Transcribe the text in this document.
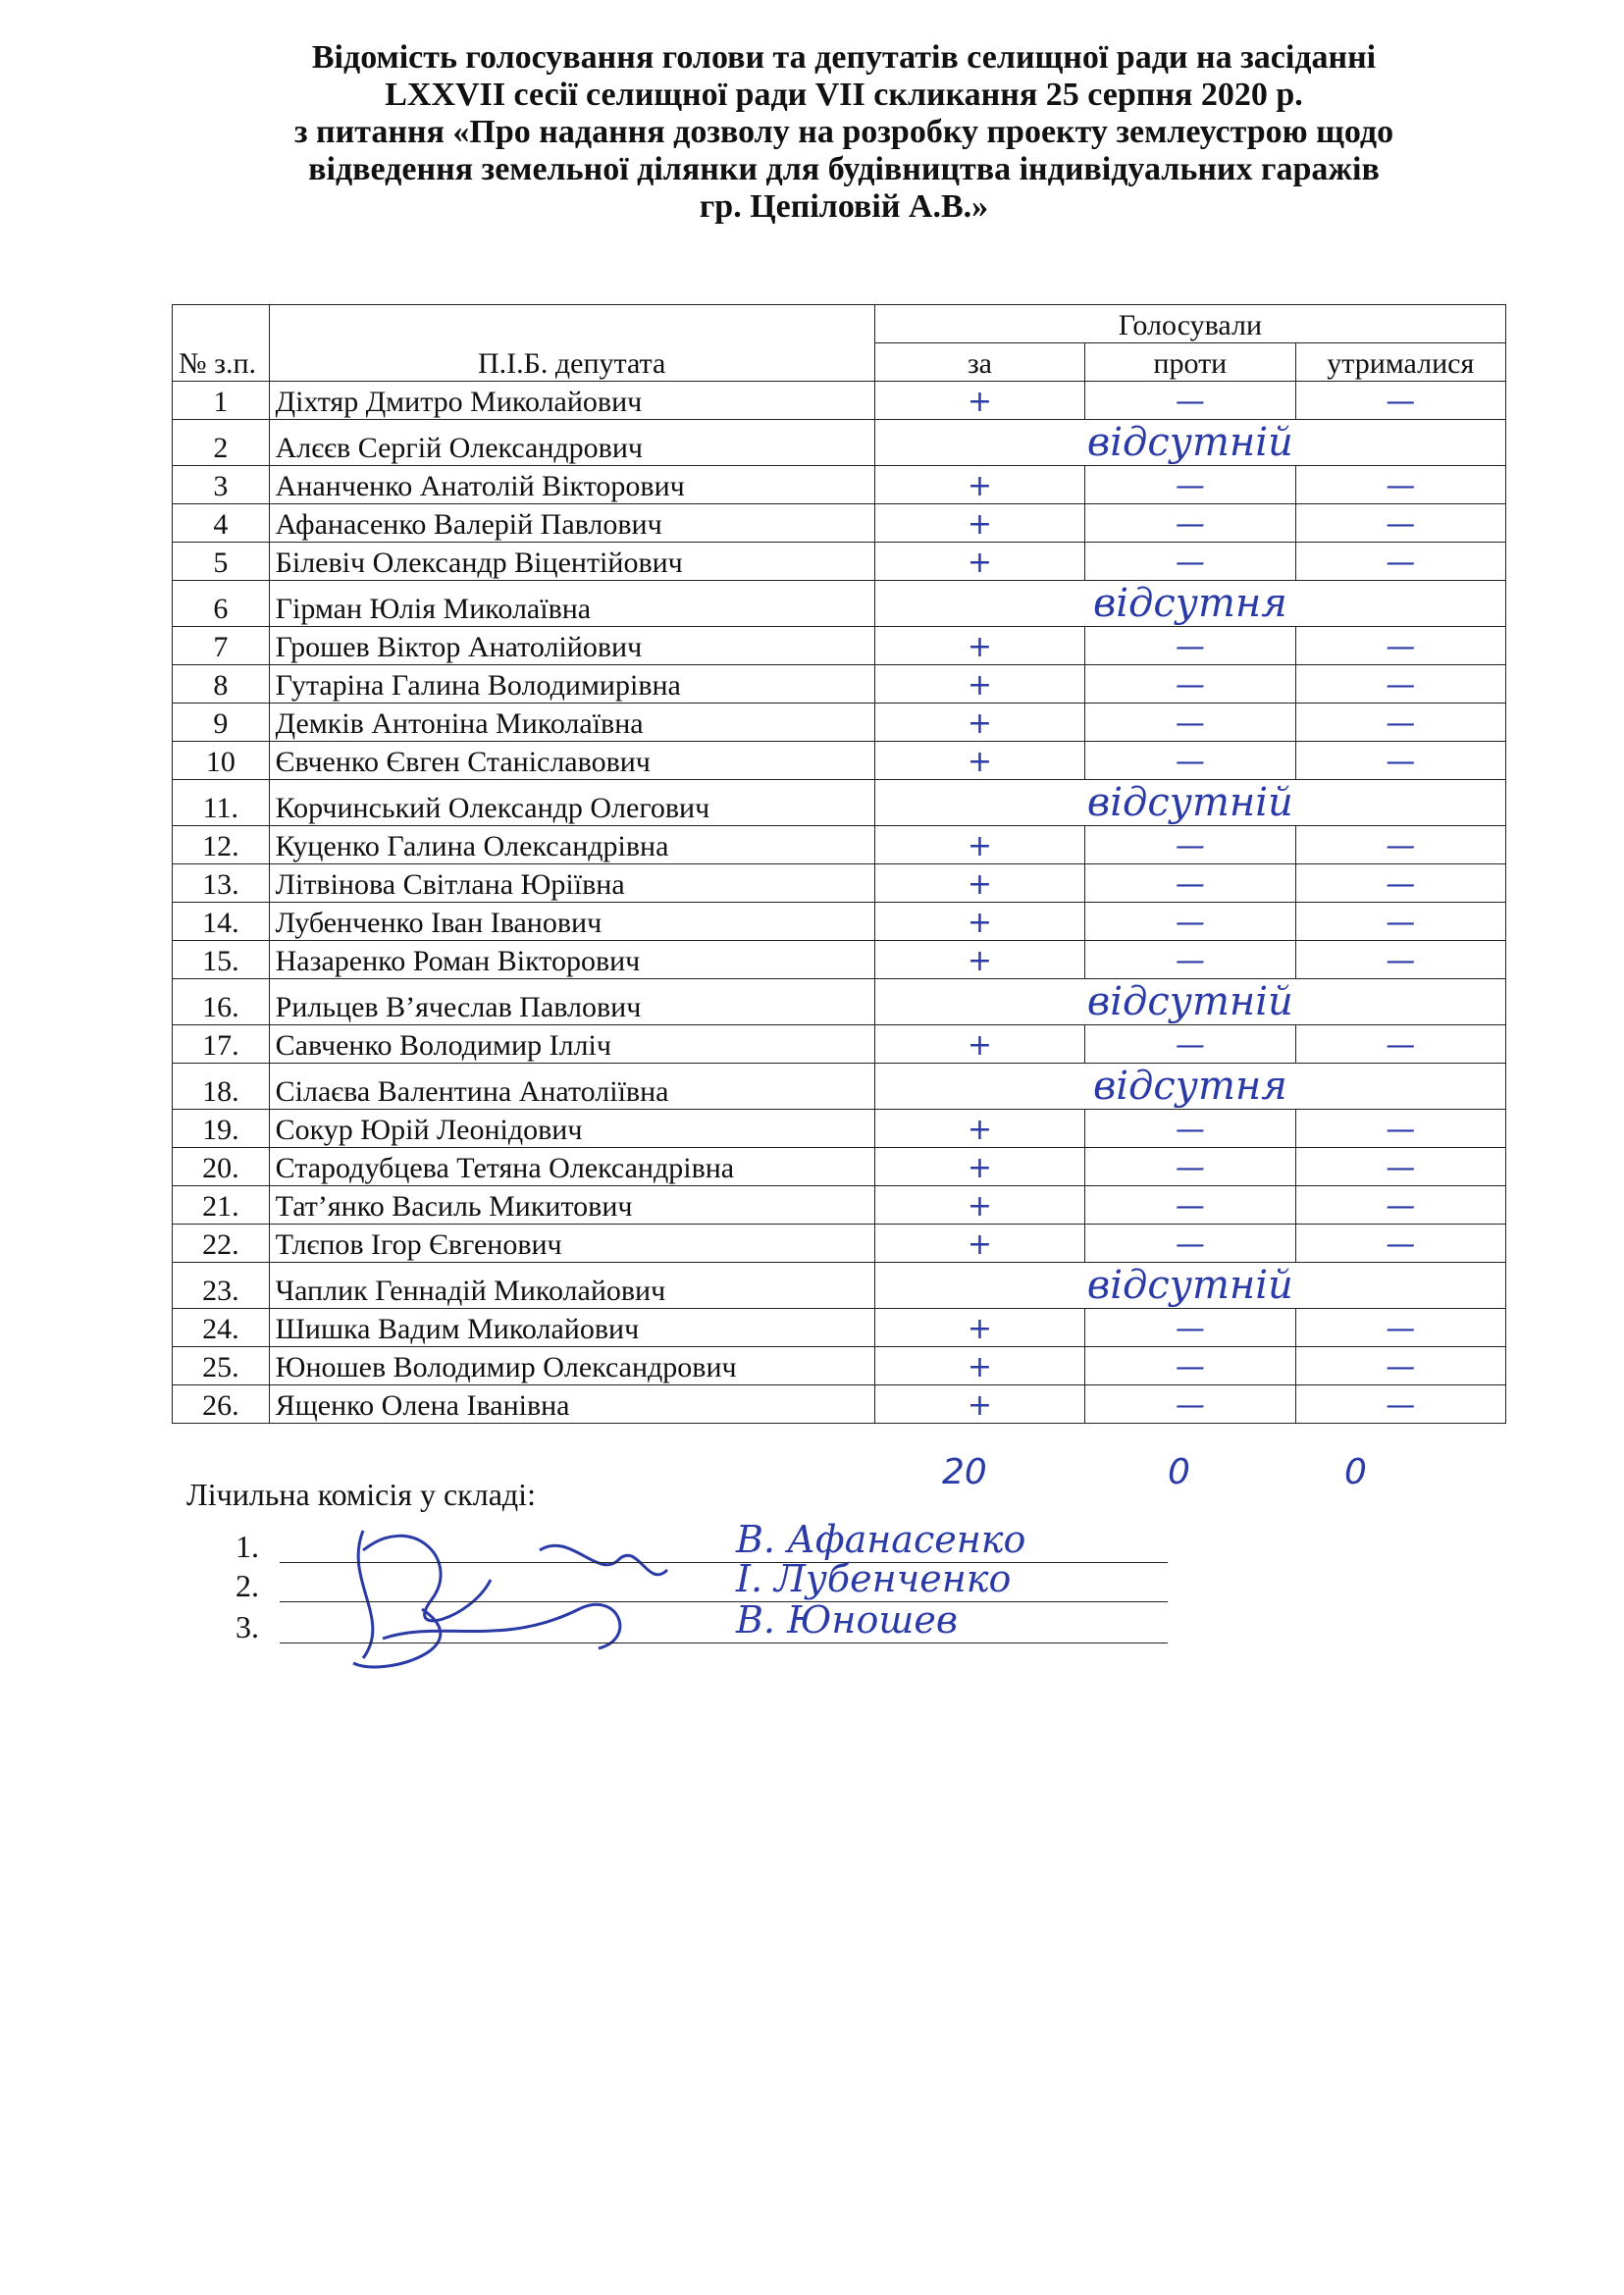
Відомість голосування голови та депутатів селищної ради на засіданні
LXXVII сесії селищної ради VII скликання 25 серпня 2020 р.
з питання «Про надання дозволу на розробку проекту землеустрою щодо
відведення земельної ділянки для будівництва індивідуальних гаражів
гр. Цепіловій А.В.»
№ з.п.	П.І.Б. депутата	Голосували		
		за	проти	утрималися
1	Діхтяр Дмитро Миколайович	+	—	—
2	Алєєв Сергій Олександрович	відсутній		
3	Ананченко Анатолій Вікторович	+	—	—
4	Афанасенко Валерій Павлович	+	—	—
5	Білевіч Олександр Віцентійович	+	—	—
6	Гірман Юлія Миколаївна	відсутня		
7	Грошев Віктор Анатолійович	+	—	—
8	Гутаріна Галина Володимирівна	+	—	—
9	Демків Антоніна Миколаївна	+	—	—
10	Євченко Євген Станіславович	+	—	—
11.	Корчинський Олександр Олегович	відсутній		
12.	Куценко Галина Олександрівна	+	—	—
13.	Літвінова Світлана Юріївна	+	—	—
14.	Лубенченко Іван Іванович	+	—	—
15.	Назаренко Роман Вікторович	+	—	—
16.	Рильцев В’ячеслав Павлович	відсутній		
17.	Савченко Володимир Ілліч	+	—	—
18.	Сілаєва Валентина Анатоліївна	відсутня		
19.	Сокур Юрій Леонідович	+	—	—
20.	Стародубцева Тетяна Олександрівна	+	—	—
21.	Тат’янко Василь Микитович	+	—	—
22.	Тлєпов Ігор Євгенович	+	—	—
23.	Чаплик Геннадій Миколайович	відсутній		
24.	Шишка Вадим Миколайович	+	—	—
25.	Юношев Володимир Олександрович	+	—	—
26.	Ященко Олена Іванівна	+	—	—
20	0	0
Лічильна комісія у складі:
1.	В. Афанасенко
2.	І. Лубенченко
3.	В. Юношев
